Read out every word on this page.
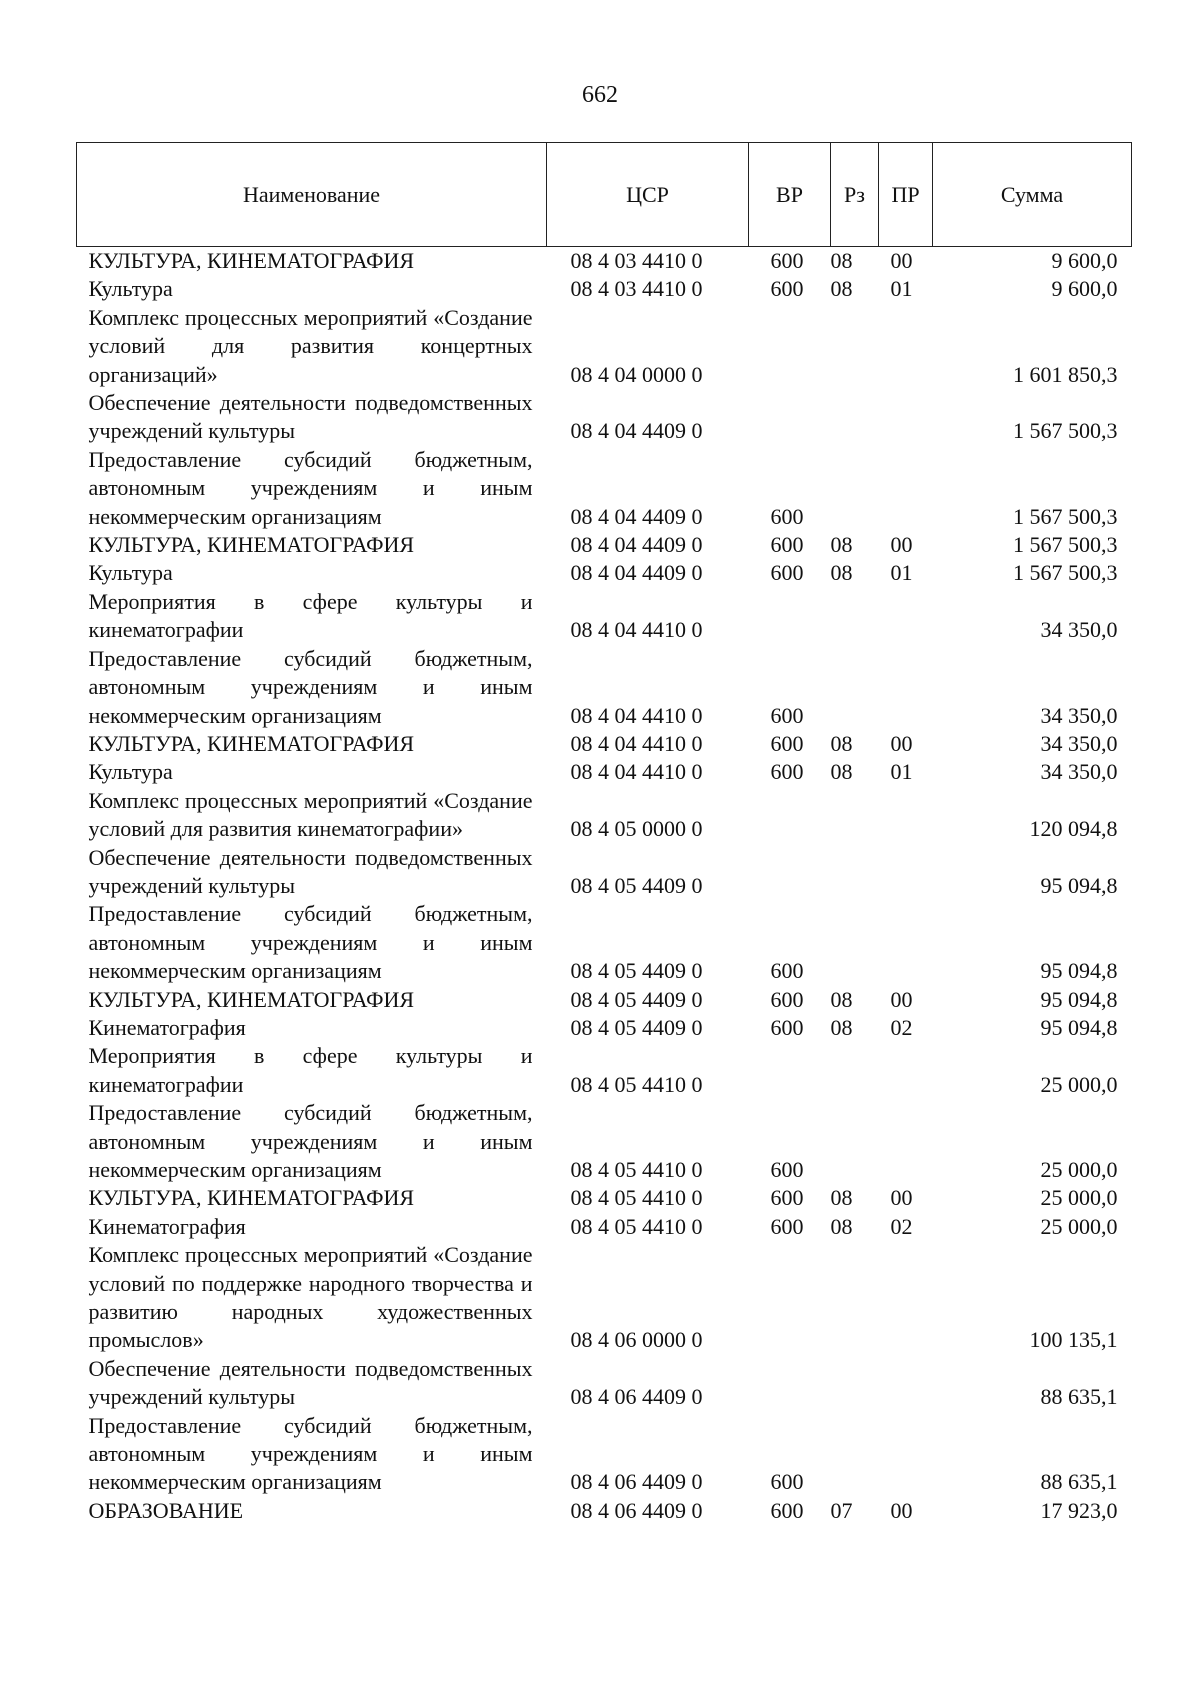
662
Наименование	ЦСР	ВР	Рз	ПР	Сумма
КУЛЬТУРА, КИНЕМАТОГРАФИЯ	08 4 03 4410 0	600	08	00	9 600,0
Культура	08 4 03 4410 0	600	08	01	9 600,0
Комплекс процессных мероприятий «Создание условий для развития концертных организаций»	08 4 04 0000 0				1 601 850,3
Обеспечение деятельности подведомственных учреждений культуры	08 4 04 4409 0				1 567 500,3
Предоставление субсидий бюджетным, автономным учреждениям и иным некоммерческим организациям	08 4 04 4409 0	600			1 567 500,3
КУЛЬТУРА, КИНЕМАТОГРАФИЯ	08 4 04 4409 0	600	08	00	1 567 500,3
Культура	08 4 04 4409 0	600	08	01	1 567 500,3
Мероприятия в сфере культуры и кинематографии	08 4 04 4410 0				34 350,0
Предоставление субсидий бюджетным, автономным учреждениям и иным некоммерческим организациям	08 4 04 4410 0	600			34 350,0
КУЛЬТУРА, КИНЕМАТОГРАФИЯ	08 4 04 4410 0	600	08	00	34 350,0
Культура	08 4 04 4410 0	600	08	01	34 350,0
Комплекс процессных мероприятий «Создание условий для развития кинематографии»	08 4 05 0000 0				120 094,8
Обеспечение деятельности подведомственных учреждений культуры	08 4 05 4409 0				95 094,8
Предоставление субсидий бюджетным, автономным учреждениям и иным некоммерческим организациям	08 4 05 4409 0	600			95 094,8
КУЛЬТУРА, КИНЕМАТОГРАФИЯ	08 4 05 4409 0	600	08	00	95 094,8
Кинематография	08 4 05 4409 0	600	08	02	95 094,8
Мероприятия в сфере культуры и кинематографии	08 4 05 4410 0				25 000,0
Предоставление субсидий бюджетным, автономным учреждениям и иным некоммерческим организациям	08 4 05 4410 0	600			25 000,0
КУЛЬТУРА, КИНЕМАТОГРАФИЯ	08 4 05 4410 0	600	08	00	25 000,0
Кинематография	08 4 05 4410 0	600	08	02	25 000,0
Комплекс процессных мероприятий «Создание условий по поддержке народного творчества и развитию народных художественных промыслов»	08 4 06 0000 0				100 135,1
Обеспечение деятельности подведомственных учреждений культуры	08 4 06 4409 0				88 635,1
Предоставление субсидий бюджетным, автономным учреждениям и иным некоммерческим организациям	08 4 06 4409 0	600			88 635,1
ОБРАЗОВАНИЕ	08 4 06 4409 0	600	07	00	17 923,0
